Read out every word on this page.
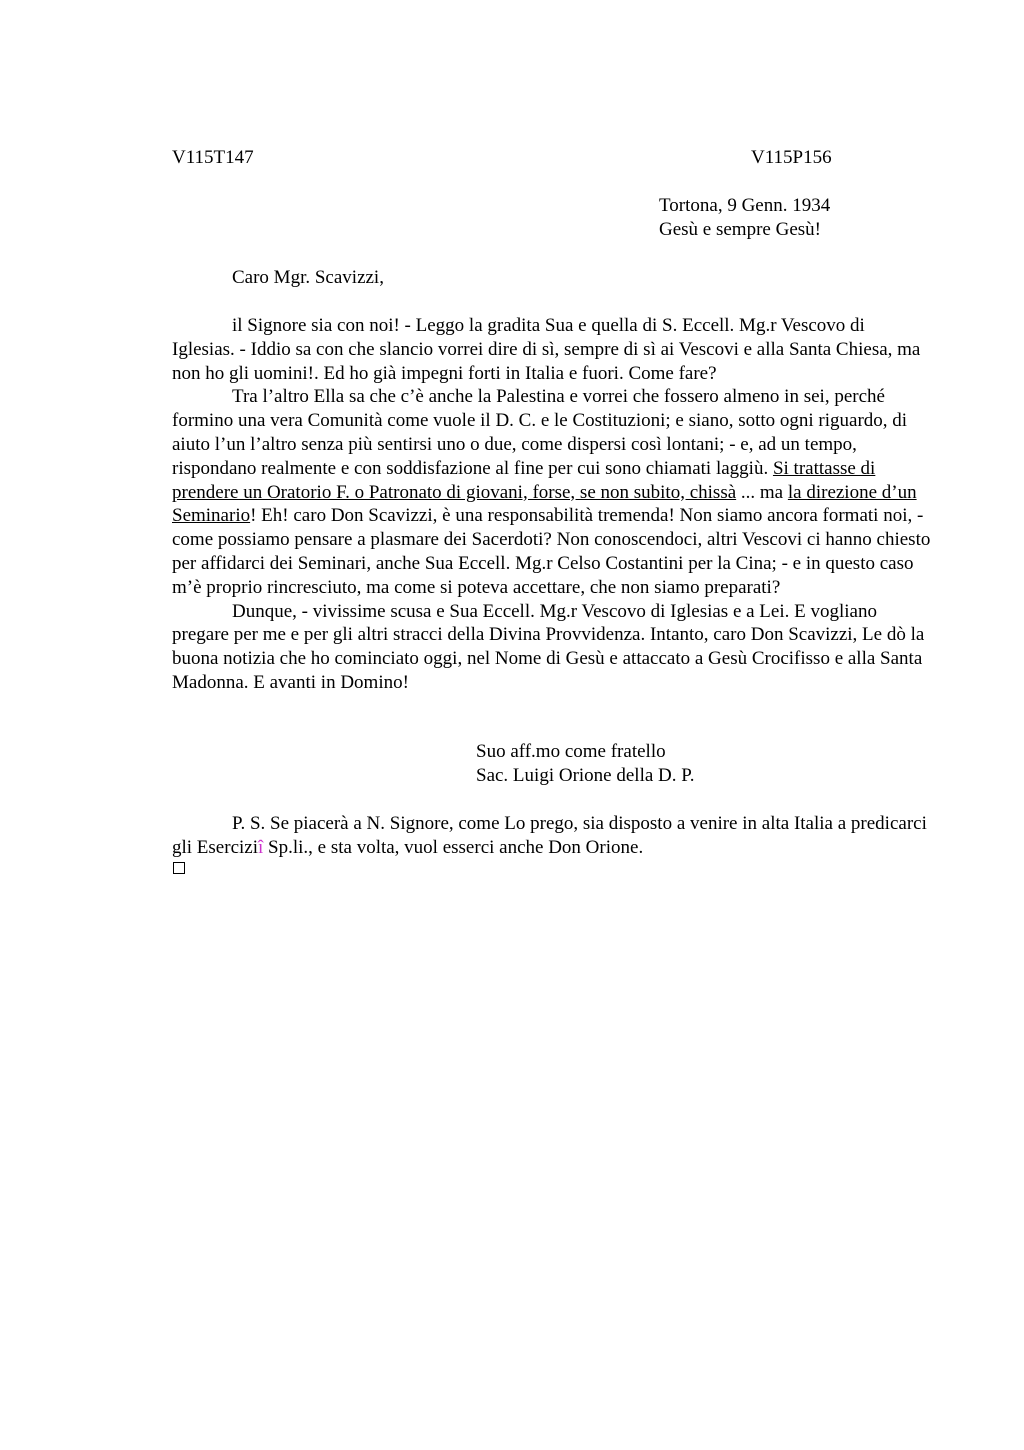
V115T147	V115P156
Tortona, 9 Genn. 1934
Gesù e sempre Gesù!
Caro Mgr. Scavizzi,

il Signore sia con noi! - Leggo la gradita Sua e quella di S. Eccell. Mg.r Vescovo di Iglesias. - Iddio sa con che slancio vorrei dire di sì, sempre di sì ai Vescovi e alla Santa Chiesa, ma non ho gli uomini!. Ed ho già impegni forti in Italia e fuori. Come fare?

Tra l’altro Ella sa che c’è anche la Palestina e vorrei che fossero almeno in sei, perché formino una vera Comunità come vuole il D. C. e le Costituzioni; e siano, sotto ogni riguardo, di aiuto l’un l’altro senza più sentirsi uno o due, come dispersi così lontani; - e, ad un tempo, rispondano realmente e con soddisfazione al fine per cui sono chiamati laggiù. Si trattasse di prendere un Oratorio F. o Patronato di giovani, forse, se non subito, chissà ... ma la direzione d’un Seminario! Eh! caro Don Scavizzi, è una responsabilità tremenda! Non siamo ancora formati noi, - come possiamo pensare a plasmare dei Sacerdoti? Non conoscendoci, altri Vescovi ci hanno chiesto per affidarci dei Seminari, anche Sua Eccell. Mg.r Celso Costantini per la Cina; - e in questo caso m’è proprio rincresciuto, ma come si poteva accettare, che non siamo preparati?

Dunque, - vivissime scusa e Sua Eccell. Mg.r Vescovo di Iglesias e a Lei. E vogliano pregare per me e per gli altri stracci della Divina Provvidenza. Intanto, caro Don Scavizzi, Le dò la buona notizia che ho cominciato oggi, nel Nome di Gesù e attaccato a Gesù Crocifisso e alla Santa Madonna. E avanti in Domino!

Suo aff.mo come fratello
Sac. Luigi Orione della D. P.

P. S. Se piacerà a N. Signore, come Lo prego, sia disposto a venire in alta Italia a predicarci gli Eserciziî Sp.li., e sta volta, vuol esserci anche Don Orione.
